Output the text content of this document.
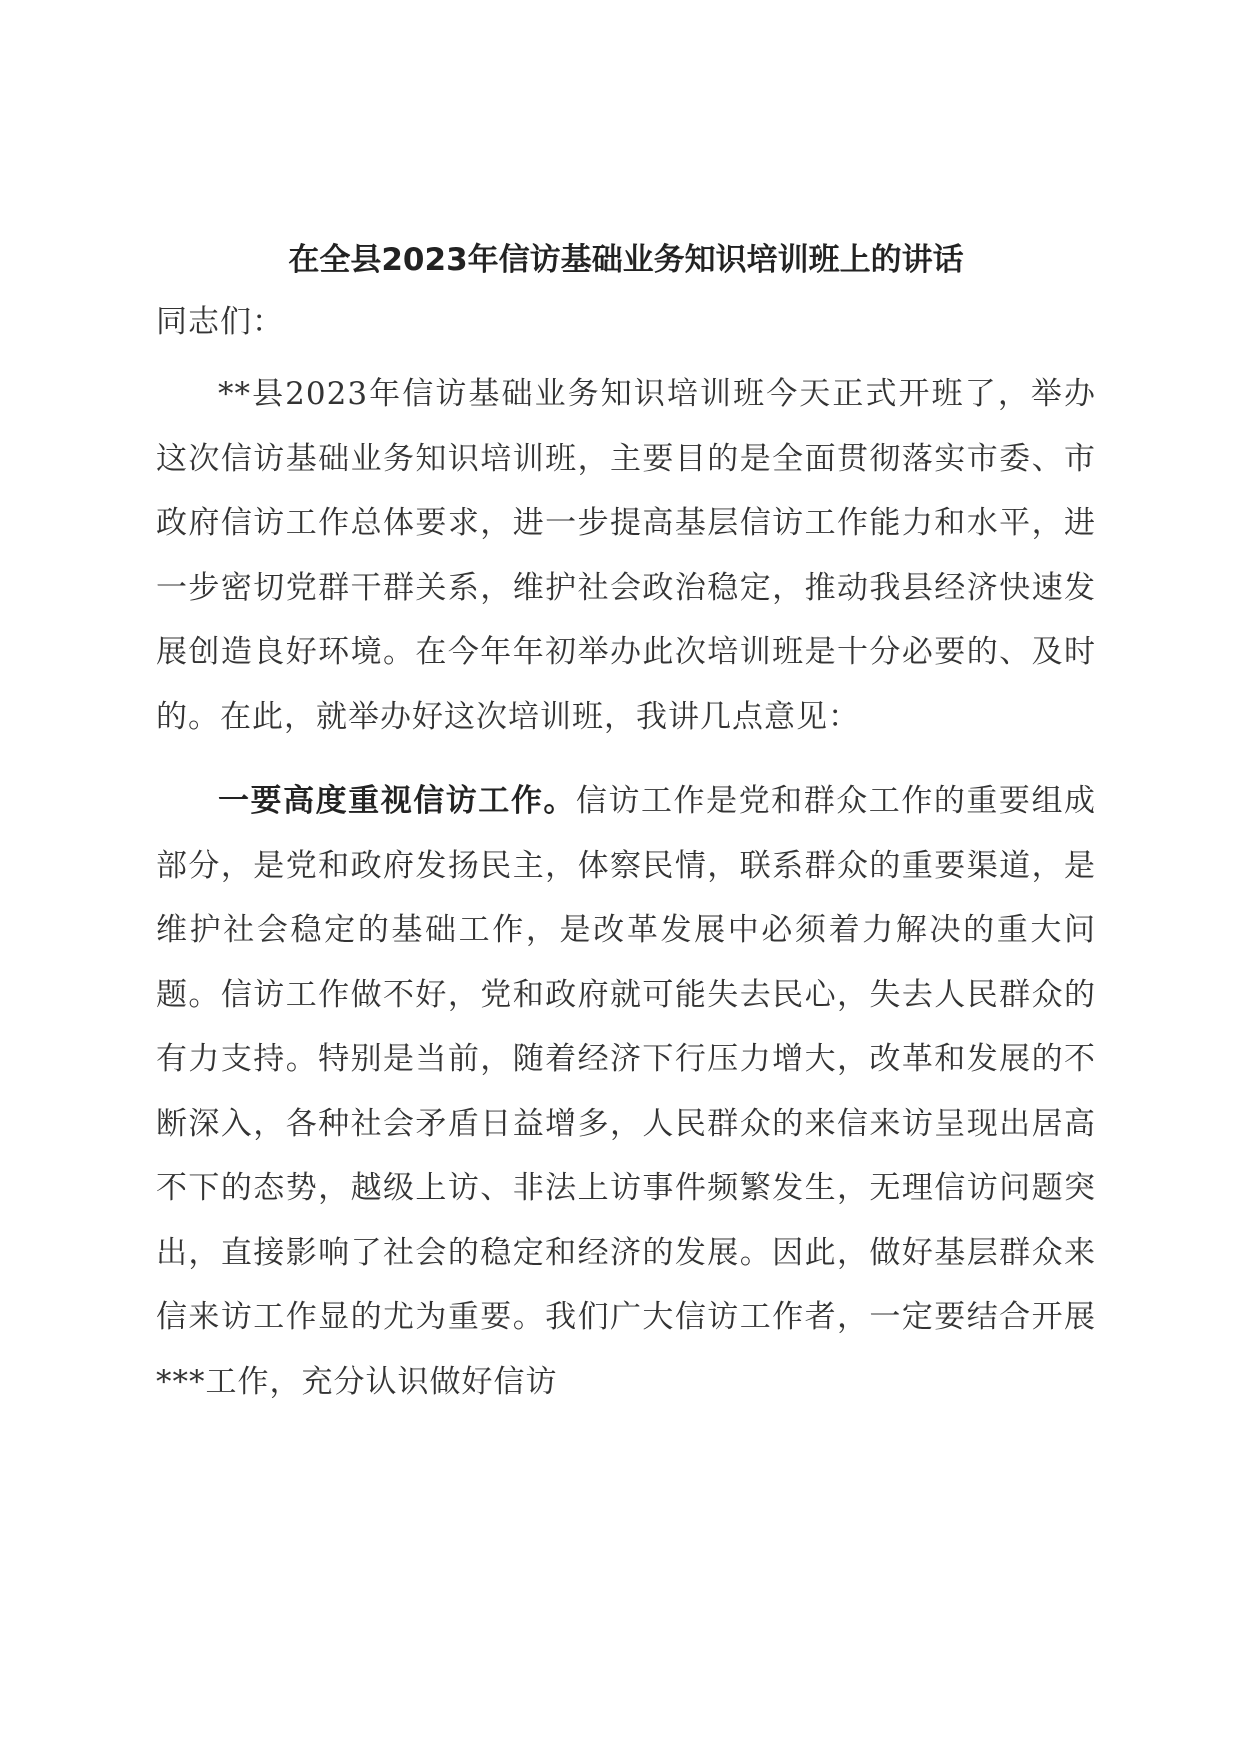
在全县2023年信访基础业务知识培训班上的讲话

同志们：

**县2023年信访基础业务知识培训班今天正式开班了，举办这次信访基础业务知识培训班，主要目的是全面贯彻落实市委、市政府信访工作总体要求，进一步提高基层信访工作能力和水平，进一步密切党群干群关系，维护社会政治稳定，推动我县经济快速发展创造良好环境。在今年年初举办此次培训班是十分必要的、及时的。在此，就举办好这次培训班，我讲几点意见：

一要高度重视信访工作。信访工作是党和群众工作的重要组成部分，是党和政府发扬民主，体察民情，联系群众的重要渠道，是维护社会稳定的基础工作，是改革发展中必须着力解决的重大问题。信访工作做不好，党和政府就可能失去民心，失去人民群众的有力支持。特别是当前，随着经济下行压力增大，改革和发展的不断深入，各种社会矛盾日益增多，人民群众的来信来访呈现出居高不下的态势，越级上访、非法上访事件频繁发生，无理信访问题突出，直接影响了社会的稳定和经济的发展。因此，做好基层群众来信来访工作显的尤为重要。我们广大信访工作者，一定要结合开展***工作，充分认识做好信访
